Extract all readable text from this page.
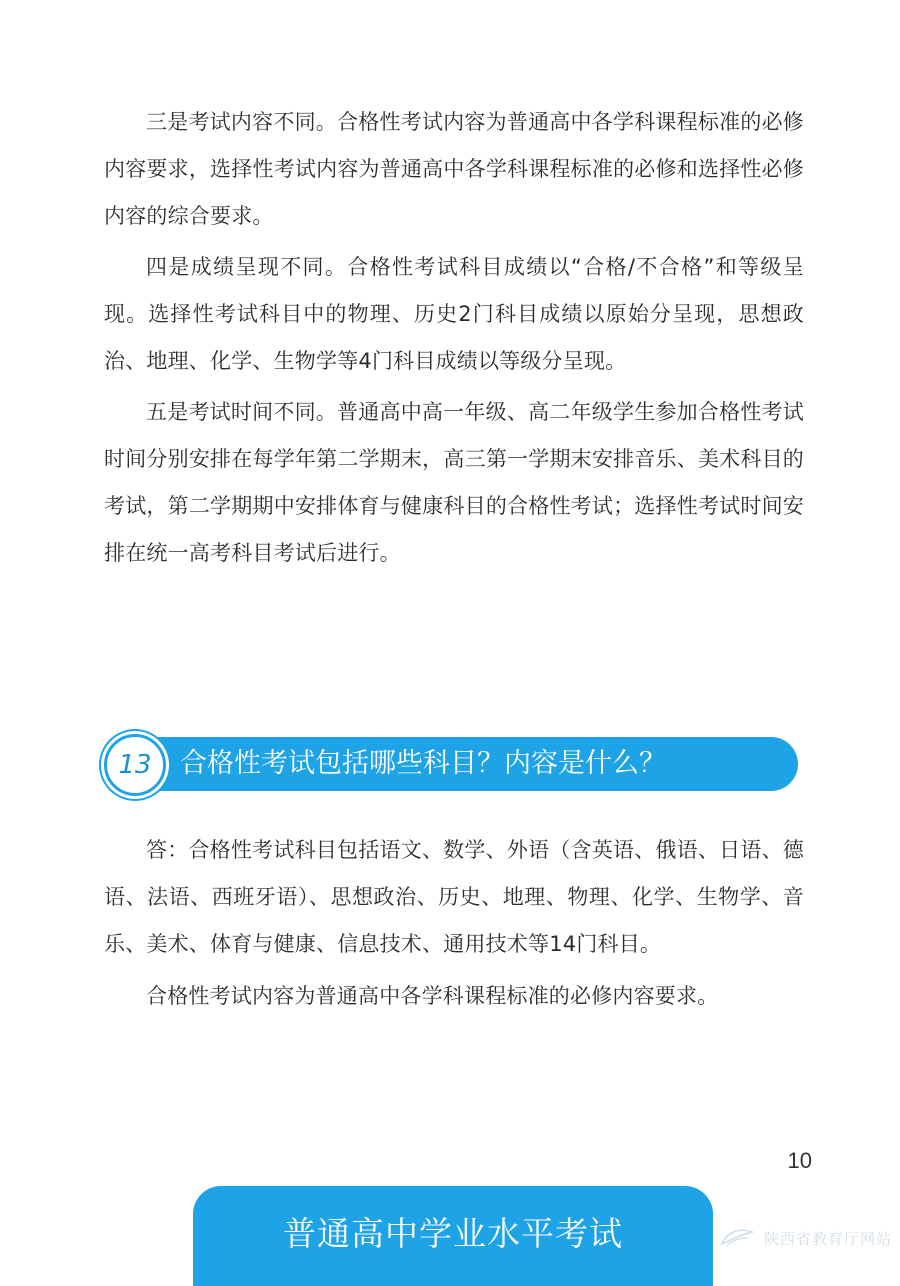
三是考试内容不同。合格性考试内容为普通高中各学科课程标准的必修内容要求，选择性考试内容为普通高中各学科课程标准的必修和选择性必修内容的综合要求。

四是成绩呈现不同。合格性考试科目成绩以“合格/不合格”和等级呈现。选择性考试科目中的物理、历史2门科目成绩以原始分呈现，思想政治、地理、化学、生物学等4门科目成绩以等级分呈现。

五是考试时间不同。普通高中高一年级、高二年级学生参加合格性考试时间分别安排在每学年第二学期末，高三第一学期末安排音乐、美术科目的考试，第二学期期中安排体育与健康科目的合格性考试；选择性考试时间安排在统一高考科目考试后进行。

13 合格性考试包括哪些科目？内容是什么？

答：合格性考试科目包括语文、数学、外语（含英语、俄语、日语、德语、法语、西班牙语）、思想政治、历史、地理、物理、化学、生物学、音乐、美术、体育与健康、信息技术、通用技术等14门科目。

合格性考试内容为普通高中各学科课程标准的必修内容要求。

10
普通高中学业水平考试	陕西省教育厅网站
